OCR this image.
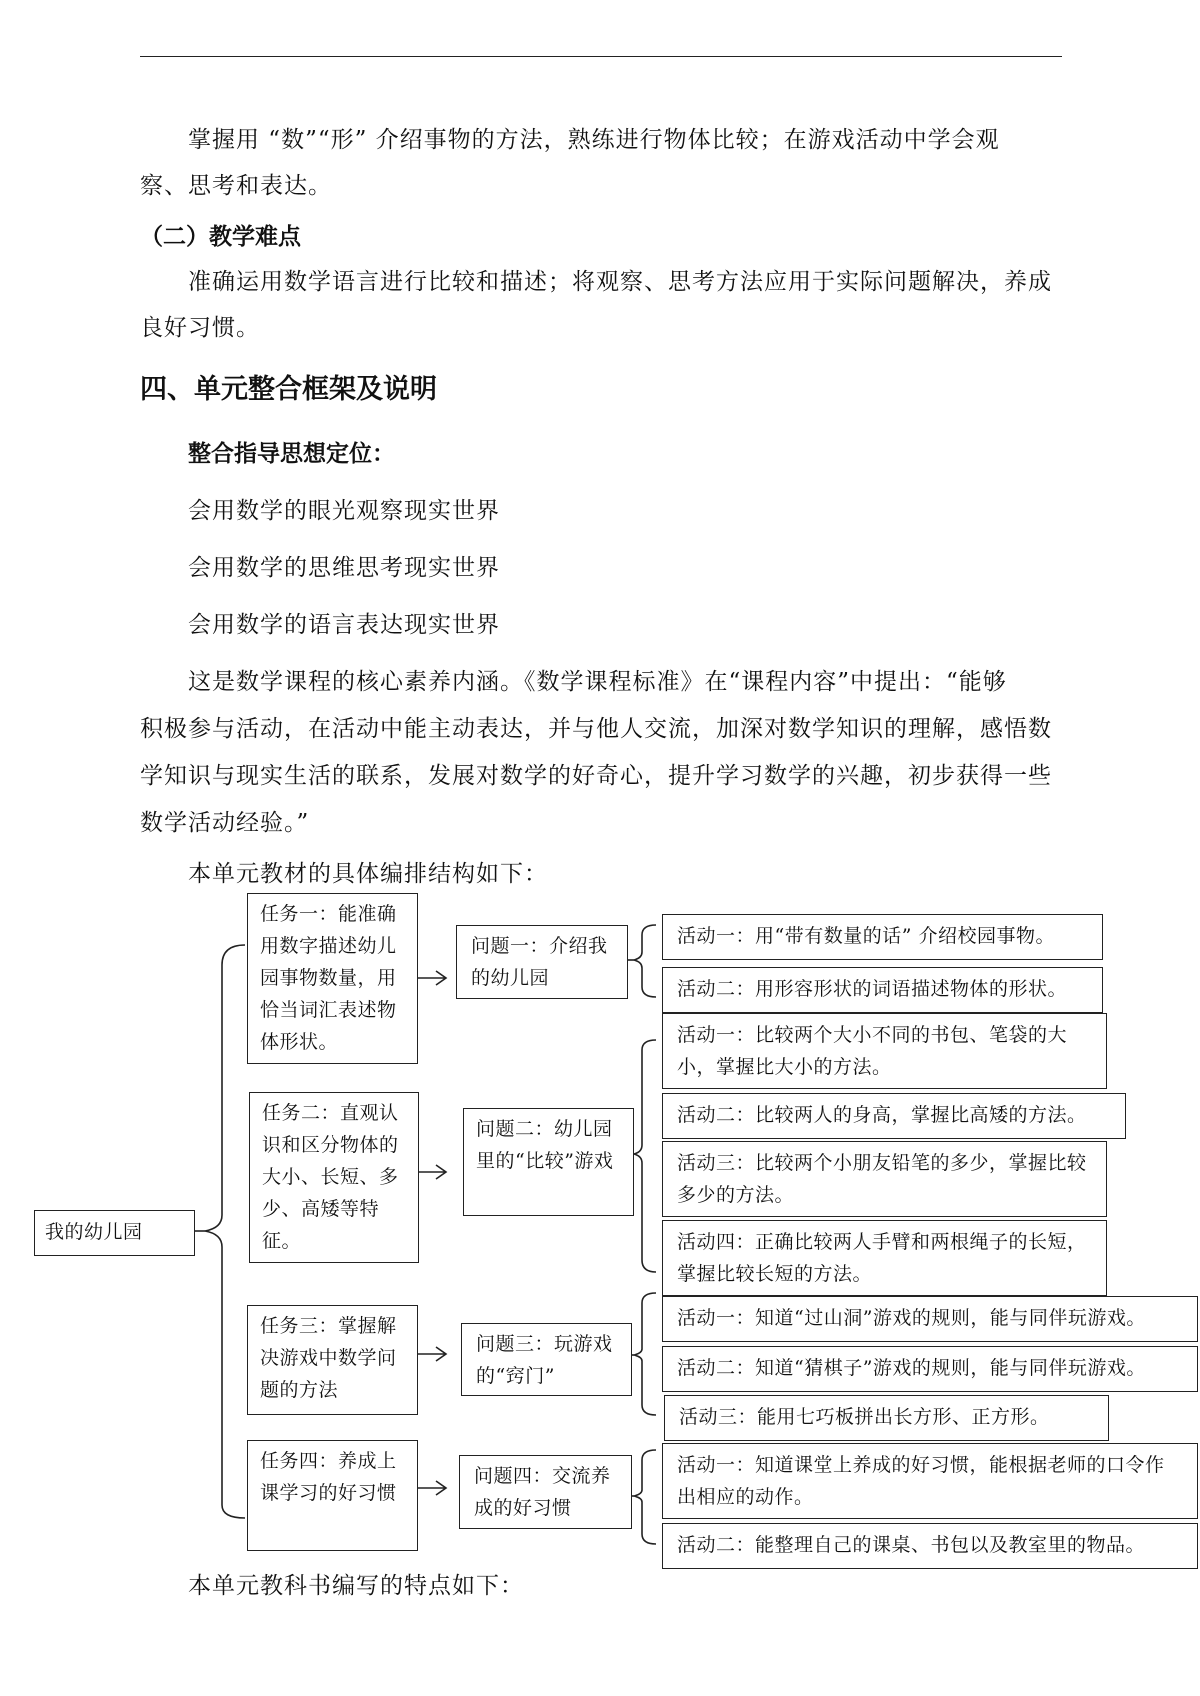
掌握用 “数”“形” 介绍事物的方法，熟练进行物体比较；在游戏活动中学会观
察、思考和表达。
（二）教学难点
准确运用数学语言进行比较和描述；将观察、思考方法应用于实际问题解决，养成
良好习惯。
四、单元整合框架及说明
整合指导思想定位：
会用数学的眼光观察现实世界
会用数学的思维思考现实世界
会用数学的语言表达现实世界
这是数学课程的核心素养内涵。《数学课程标准》在“课程内容”中提出：“能够
积极参与活动，在活动中能主动表达，并与他人交流，加深对数学知识的理解，感悟数
学知识与现实生活的联系，发展对数学的好奇心，提升学习数学的兴趣，初步获得一些
数学活动经验。”
本单元教材的具体编排结构如下：
我的幼儿园
任务一：能准确用数字描述幼儿园事物数量，用恰当词汇表述物体形状。
任务二：直观认识和区分物体的大小、长短、多少、高矮等特征。
任务三：掌握解决游戏中数学问题的方法
任务四：养成上课学习的好习惯
问题一：介绍我的幼儿园
问题二：幼儿园里的“比较”游戏
问题三：玩游戏的“窍门”
问题四：交流养成的好习惯
活动一：用“带有数量的话” 介绍校园事物。
活动二：用形容形状的词语描述物体的形状。
活动一：比较两个大小不同的书包、笔袋的大小，掌握比大小的方法。
活动二：比较两人的身高，掌握比高矮的方法。
活动三：比较两个小朋友铅笔的多少，掌握比较多少的方法。
活动四：正确比较两人手臂和两根绳子的长短，掌握比较长短的方法。
活动一：知道“过山洞”游戏的规则，能与同伴玩游戏。
活动二：知道“猜棋子”游戏的规则，能与同伴玩游戏。
活动三：能用七巧板拼出长方形、正方形。
活动一：知道课堂上养成的好习惯，能根据老师的口令作出相应的动作。
活动二：能整理自己的课桌、书包以及教室里的物品。
本单元教科书编写的特点如下：
